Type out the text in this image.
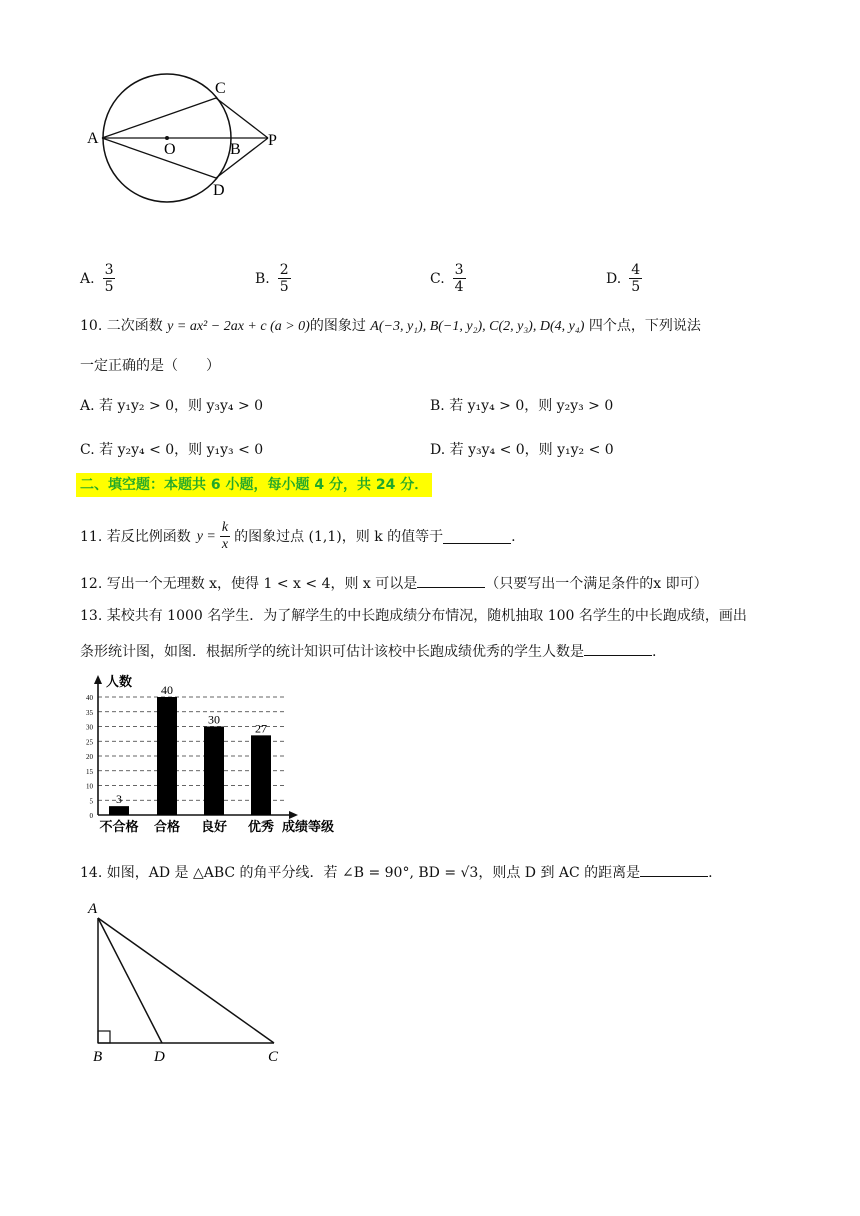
A
C
O	B
P
D
A. $\frac{3}{5}$	B. $\frac{2}{5}$	C. $\frac{3}{4}$	D. $\frac{4}{5}$
10. 二次函数 y = ax² − 2ax + c (a > 0)的图象过 A(−3, y₁), B(−1, y₂), C(2, y₃), D(4, y₄) 四个点，下列说法
一定正确的是（　　）
A. 若 y₁y₂ > 0，则 y₃y₄ > 0	B. 若 y₁y₄ > 0，则 y₂y₃ > 0
C. 若 y₂y₄ < 0，则 y₁y₃ < 0	D. 若 y₃y₄ < 0，则 y₁y₂ < 0
二、填空题：本题共 6 小题，每小题 4 分，共 24 分．
11. 若反比例函数 $y = \frac{k}{x}$ 的图象过点 (1,1)，则 k 的值等于	.
12. 写出一个无理数 x，使得 1 < x < 4，则 x 可以是	（只要写出一个满足条件的x 即可）
13. 某校共有 1000 名学生．为了解学生的中长跑成绩分布情况，随机抽取 100 名学生的中长跑成绩，画出
条形统计图，如图．根据所学的统计知识可估计该校中长跑成绩优秀的学生人数是	.
0
5
10
15
20
25
30
35
40
人数
成绩等级
3
不合格
40
合格
30
良好
27
优秀
14. 如图，AD 是 △ABC 的角平分线．若 ∠B = 90°, BD = √3，则点 D 到 AC 的距离是	.
A
B	D	C
